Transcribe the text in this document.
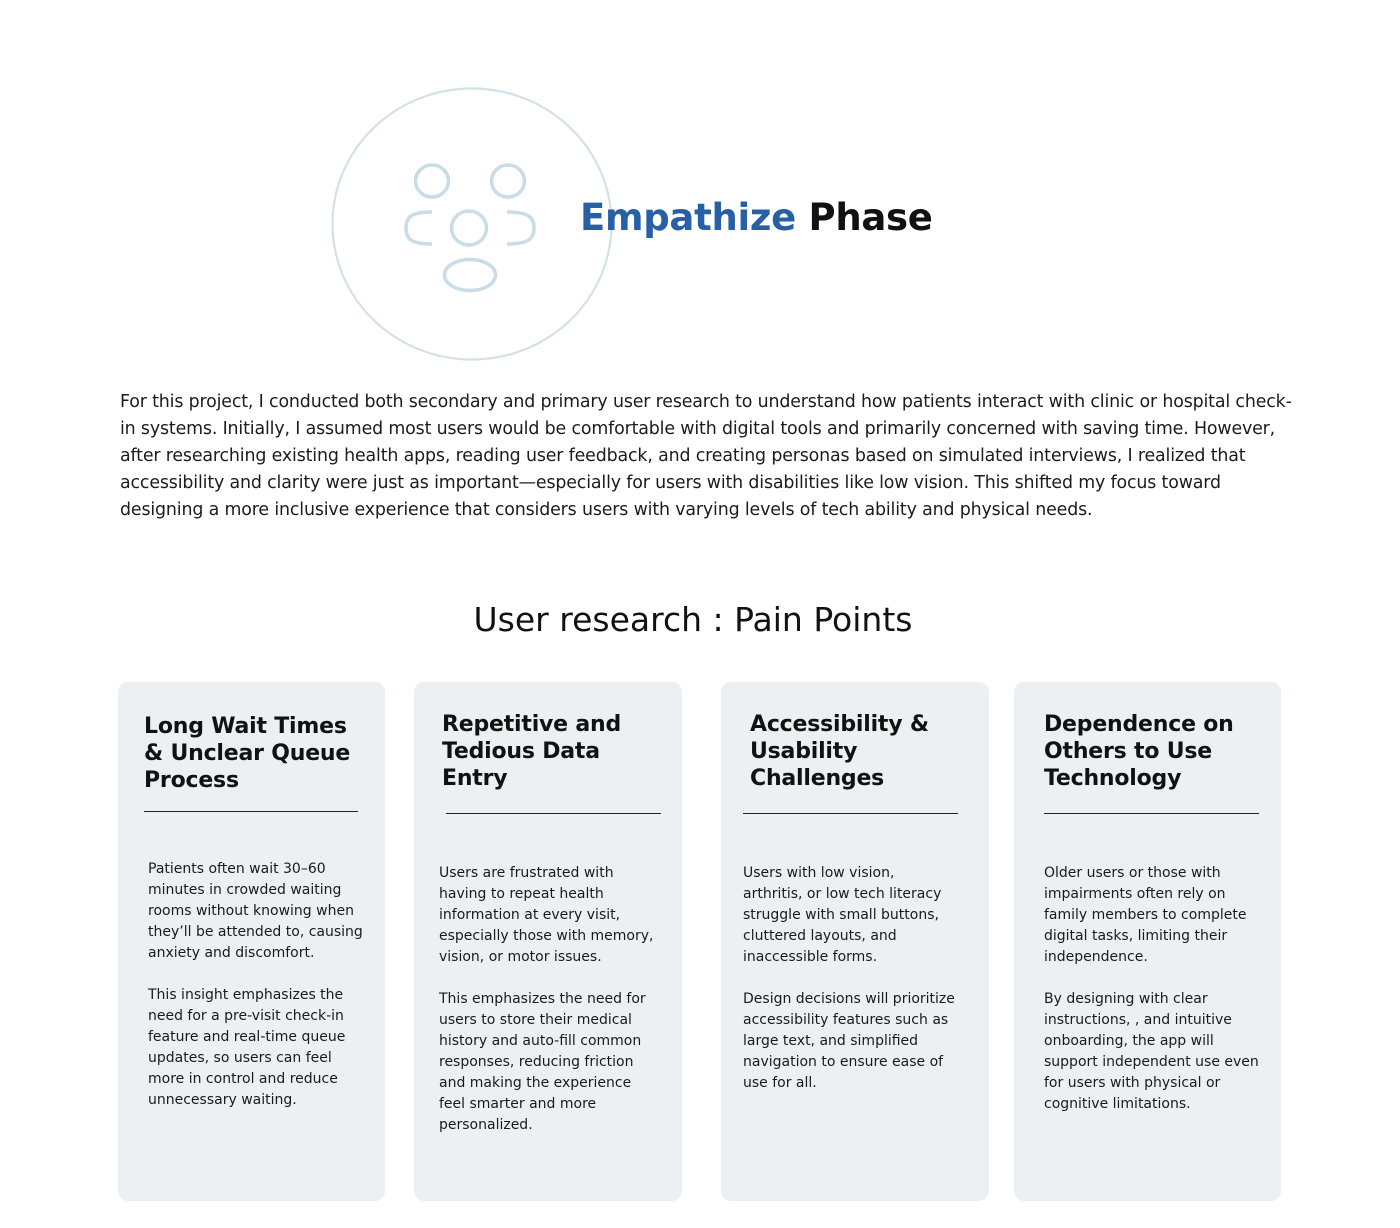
Empathize Phase

For this project, I conducted both secondary and primary user research to understand how patients interact with clinic or hospital check-in systems. Initially, I assumed most users would be comfortable with digital tools and primarily concerned with saving time. However, after researching existing health apps, reading user feedback, and creating personas based on simulated interviews, I realized that accessibility and clarity were just as important—especially for users with disabilities like low vision. This shifted my focus toward designing a more inclusive experience that considers users with varying levels of tech ability and physical needs.

User research : Pain Points
Long Wait Times & Unclear Queue Process

Patients often wait 30–60 minutes in crowded waiting rooms without knowing when they’ll be attended to, causing anxiety and discomfort.

This insight emphasizes the need for a pre-visit check-in feature and real-time queue updates, so users can feel more in control and reduce unnecessary waiting.

Repetitive and Tedious Data Entry

Users are frustrated with having to repeat health information at every visit, especially those with memory, vision, or motor issues.

This emphasizes the need for users to store their medical history and auto-fill common responses, reducing friction and making the experience feel smarter and more personalized.

Accessibility & Usability Challenges

Users with low vision, arthritis, or low tech literacy struggle with small buttons, cluttered layouts, and inaccessible forms.

Design decisions will prioritize accessibility features such as large text, and simplified navigation to ensure ease of use for all.

Dependence on Others to Use Technology

Older users or those with impairments often rely on family members to complete digital tasks, limiting their independence.

By designing with clear instructions, , and intuitive onboarding, the app will support independent use even for users with physical or cognitive limitations.
